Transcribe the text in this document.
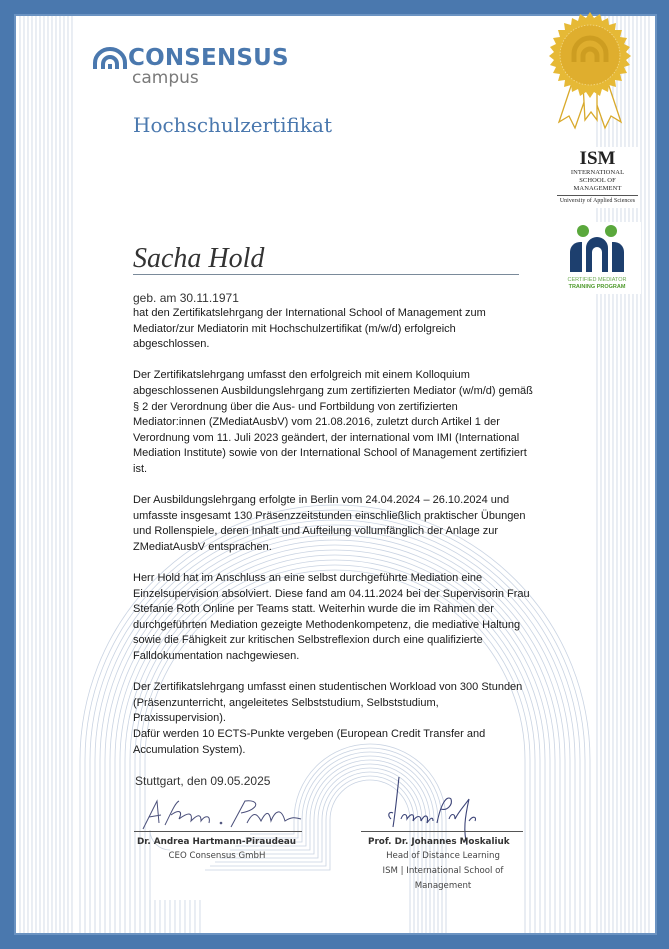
CONSENSUS
campus
Hochschulzertifikat
ISM
INTERNATIONAL
SCHOOL OF MANAGEMENT
University of Applied Sciences
CERTIFIED MEDIATOR
TRAINING PROGRAM
Sacha Hold

geb. am 30.11.1971

hat den Zertifikatslehrgang der International School of Management zum Mediator/zur Mediatorin mit Hochschulzertifikat (m/w/d) erfolgreich abgeschlossen.

Der Zertifikatslehrgang umfasst den erfolgreich mit einem Kolloquium abgeschlossenen Ausbildungslehrgang zum zertifizierten Mediator (w/m/d) gemäß § 2 der Verordnung über die Aus- und Fortbildung von zertifizierten Mediator:innen (ZMediatAusbV) vom 21.08.2016, zuletzt durch Artikel 1 der Verordnung vom 11. Juli 2023 geändert, der international vom IMI (International Mediation Institute) sowie von der International School of Management zertifiziert ist.

Der Ausbildungslehrgang erfolgte in Berlin vom 24.04.2024 – 26.10.2024 und umfasste insgesamt 130 Präsenzzeitstunden einschließlich praktischer Übungen und Rollenspiele, deren Inhalt und Aufteilung vollumfänglich der Anlage zur ZMediatAusbV entsprachen.

Herr Hold hat im Anschluss an eine selbst durchgeführte Mediation eine Einzelsupervision absolviert. Diese fand am 04.11.2024 bei der Supervisorin Frau Stefanie Roth Online per Teams statt. Weiterhin wurde die im Rahmen der durchgeführten Mediation gezeigte Methodenkompetenz, die mediative Haltung sowie die Fähigkeit zur kritischen Selbstreflexion durch eine qualifizierte Falldokumentation nachgewiesen.

Der Zertifikatslehrgang umfasst einen studentischen Workload von 300 Stunden (Präsenzunterricht, angeleitetes Selbststudium, Selbststudium, Praxissupervision).

Dafür werden 10 ECTS-Punkte vergeben (European Credit Transfer and Accumulation System).

Stuttgart, den 09.05.2025
Dr. Andrea Hartmann-Piraudeau
CEO Consensus GmbH
Prof. Dr. Johannes Moskaliuk
Head of Distance Learning
ISM | International School of
Management
